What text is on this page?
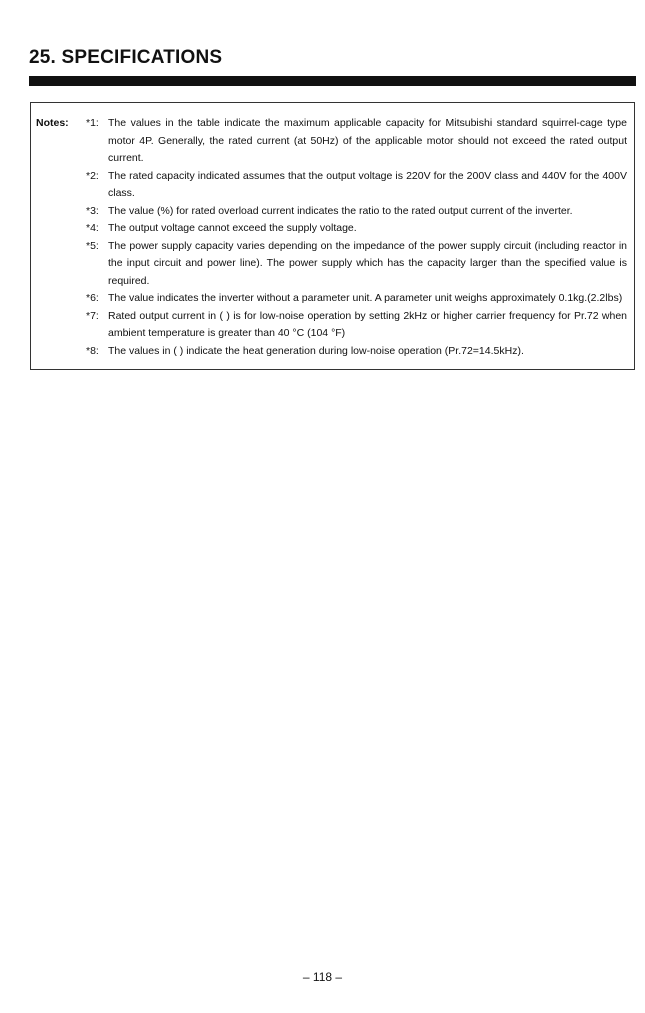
25. SPECIFICATIONS
Notes: *1: The values in the table indicate the maximum applicable capacity for Mitsubishi standard squirrel-cage type motor 4P. Generally, the rated current (at 50Hz) of the applicable motor should not exceed the rated output current.
*2: The rated capacity indicated assumes that the output voltage is 220V for the 200V class and 440V for the 400V class.
*3: The value (%) for rated overload current indicates the ratio to the rated output current of the inverter.
*4: The output voltage cannot exceed the supply voltage.
*5: The power supply capacity varies depending on the impedance of the power supply circuit (including reactor in the input circuit and power line). The power supply which has the capacity larger than the specified value is required.
*6: The value indicates the inverter without a parameter unit. A parameter unit weighs approximately 0.1kg.(2.2lbs)
*7: Rated output current in ( ) is for low-noise operation by setting 2kHz or higher carrier frequency for Pr.72 when ambient temperature is greater than 40 °C (104 °F)
*8: The values in ( ) indicate the heat generation during low-noise operation (Pr.72=14.5kHz).
– 118 –
